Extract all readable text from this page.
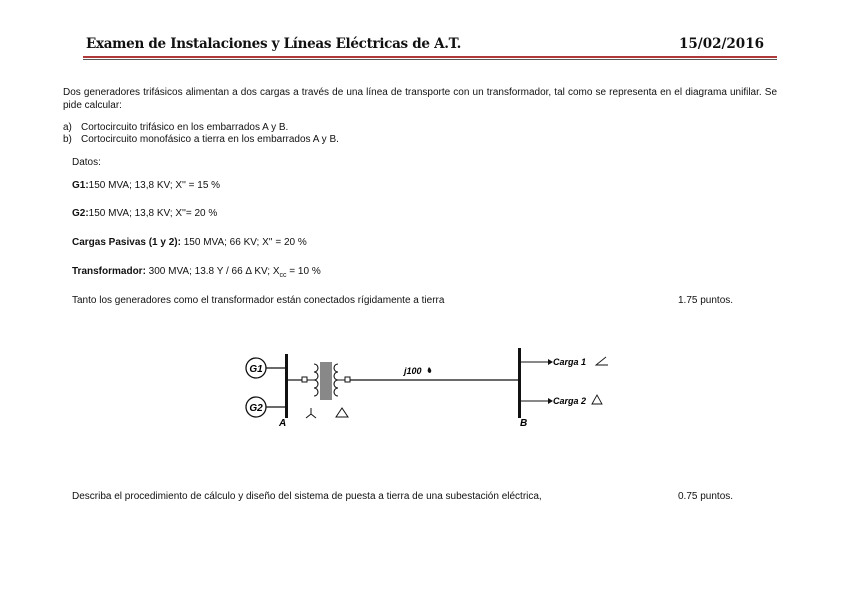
Examen de Instalaciones y Líneas Eléctricas de A.T.	15/02/2016
Dos generadores trifásicos alimentan a dos cargas a través de una línea de transporte con un transformador, tal como se representa en el diagrama unifilar. Se pide calcular:
a) Cortocircuito trifásico en los embarrados A y B.
b) Cortocircuito monofásico a tierra en los embarrados A y B.
Datos:
G1:150 MVA; 13,8 KV; X'' = 15 %
G2:150 MVA; 13,8 KV; X''= 20 %
Cargas Pasivas (1 y 2): 150 MVA; 66 KV; X'' = 20 %
Transformador: 300 MVA; 13.8 Y / 66 Δ KV; $X_{cc} = 10$ %
Tanto los generadores como el transformador están conectados rígidamente a tierra	1.75 puntos.
G1
G2
A
j100
B
Carga 1
Carga 2
Describa el procedimiento de cálculo y diseño del sistema de puesta a tierra de una subestación eléctrica,	0.75 puntos.
